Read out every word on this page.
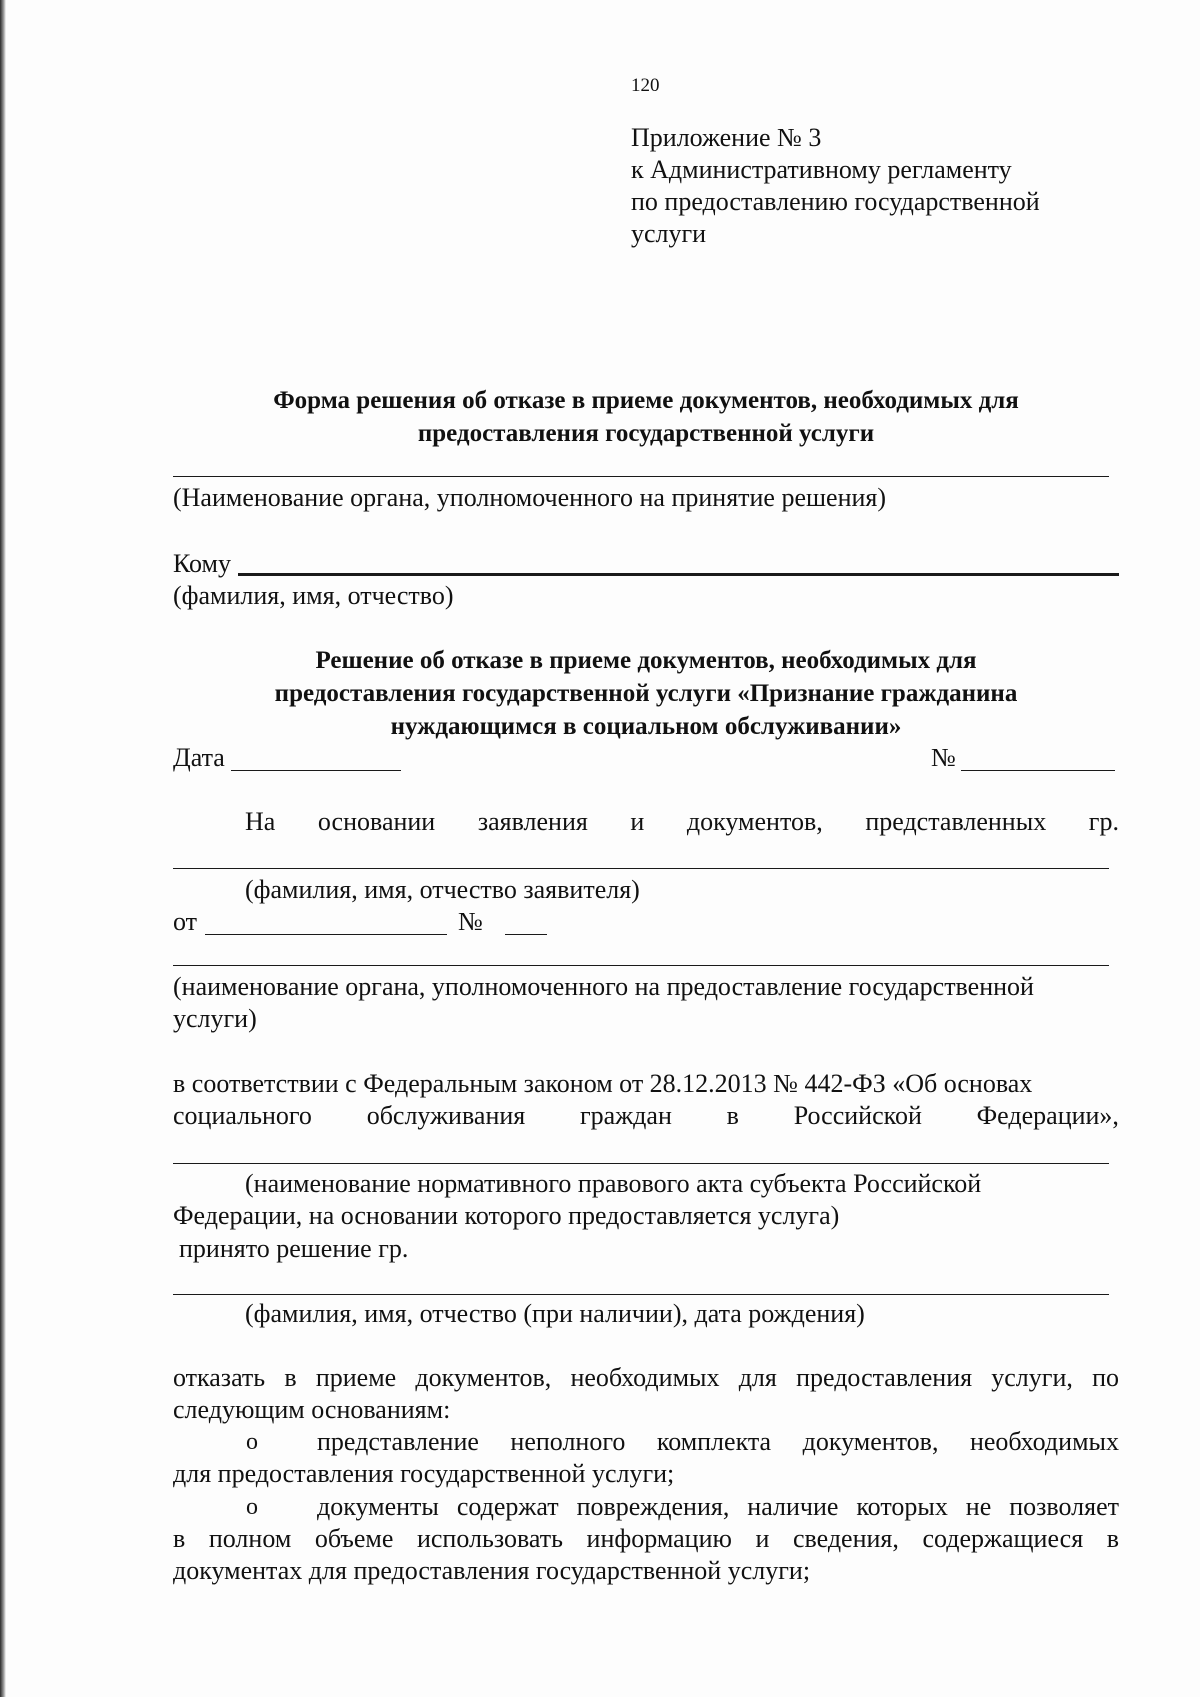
120
Приложение № 3
к Административному регламенту
по предоставлению государственной
услуги
Форма решения об отказе в приеме документов, необходимых для
предоставления государственной услуги
(Наименование органа, уполномоченного на принятие решения)
Кому
(фамилия, имя, отчество)
Решение об отказе в приеме документов, необходимых для
предоставления государственной услуги «Признание гражданина
нуждающимся в социальном обслуживании»
Дата	№
На основании заявления и документов, представленных гр.
(фамилия, имя, отчество заявителя)
от	№
(наименование органа, уполномоченного на предоставление государственной
услуги)
в соответствии с Федеральным законом от 28.12.2013 № 442-ФЗ «Об основах
социального обслуживания граждан в Российской Федерации»,
(наименование нормативного правового акта субъекта Российской
Федерации, на основании которого предоставляется услуга)
принято решение гр.
(фамилия, имя, отчество (при наличии), дата рождения)
отказать в приеме документов, необходимых для предоставления услуги, по
следующим основаниям:
o представление неполного комплекта документов, необходимых
для предоставления государственной услуги;
o документы содержат повреждения, наличие которых не позволяет
в полном объеме использовать информацию и сведения, содержащиеся в
документах для предоставления государственной услуги;
